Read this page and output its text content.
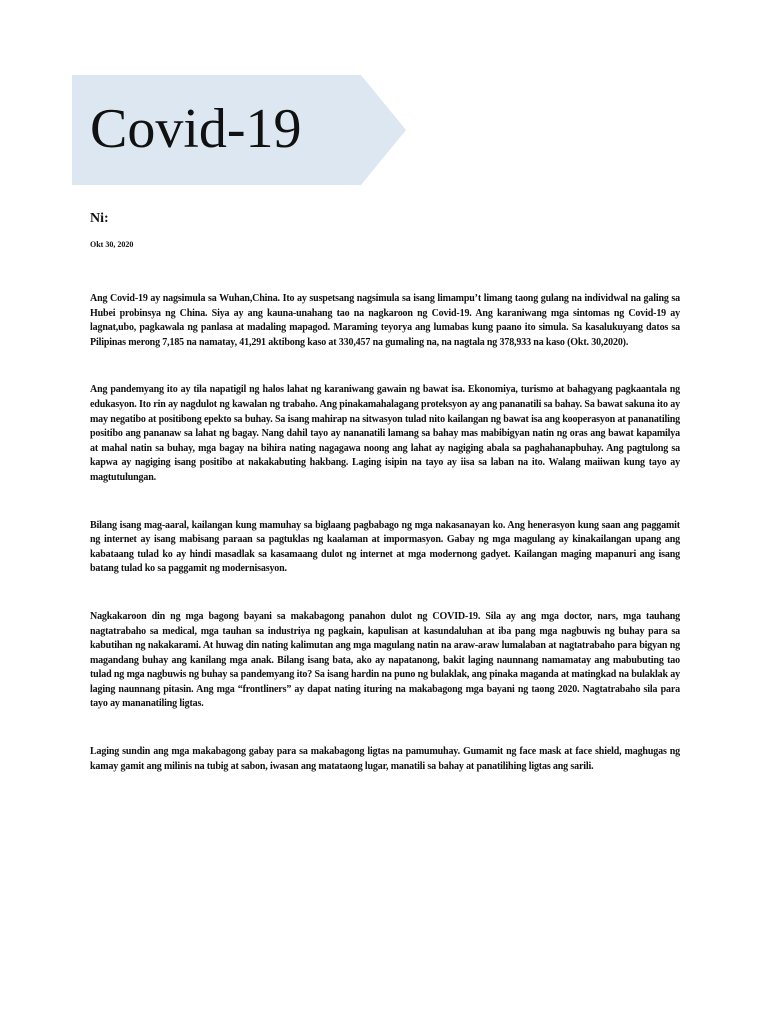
Covid-19
Ni:
Okt 30, 2020

Ang Covid-19 ay nagsimula sa Wuhan,China. Ito ay suspetsang nagsimula sa isang limampu’t limang taong gulang na individwal na galing sa Hubei probinsya ng China. Siya ay ang kauna-unahang tao na nagkaroon ng Covid-19. Ang karaniwang mga sintomas ng Covid-19 ay lagnat,ubo, pagkawala ng panlasa at madaling mapagod. Maraming teyorya ang lumabas kung paano ito simula. Sa kasalukuyang datos sa Pilipinas merong 7,185 na namatay, 41,291 aktibong kaso at 330,457 na gumaling na, na nagtala ng 378,933 na kaso (Okt. 30,2020).

Ang pandemyang ito ay tila napatigil ng halos lahat ng karaniwang gawain ng bawat isa. Ekonomiya, turismo at bahagyang pagkaantala ng edukasyon. Ito rin ay nagdulot ng kawalan ng trabaho. Ang pinakamahalagang proteksyon ay ang pananatili sa bahay. Sa bawat sakuna ito ay may negatibo at positibong epekto sa buhay. Sa isang mahirap na sitwasyon tulad nito kailangan ng bawat isa ang kooperasyon at pananatiling positibo ang pananaw sa lahat ng bagay. Nang dahil tayo ay nananatili lamang sa bahay mas mabibigyan natin ng oras ang bawat kapamilya at mahal natin sa buhay, mga bagay na bihira nating nagagawa noong ang lahat ay nagiging abala sa paghahanapbuhay. Ang pagtulong sa kapwa ay nagiging isang positibo at nakakabuting hakbang. Laging isipin na tayo ay iisa sa laban na ito. Walang maiiwan kung tayo ay magtutulungan.

Bilang isang mag-aaral, kailangan kung mamuhay sa biglaang pagbabago ng mga nakasanayan ko. Ang henerasyon kung saan ang paggamit ng internet ay isang mabisang paraan sa pagtuklas ng kaalaman at impormasyon. Gabay ng mga magulang ay kinakailangan upang ang kabataang tulad ko ay hindi masadlak sa kasamaang dulot ng internet at mga modernong gadyet. Kailangan maging mapanuri ang isang batang tulad ko sa paggamit ng modernisasyon.

Nagkakaroon din ng mga bagong bayani sa makabagong panahon dulot ng COVID-19. Sila ay ang mga doctor, nars, mga tauhang nagtatrabaho sa medical, mga tauhan sa industriya ng pagkain, kapulisan at kasundaluhan at iba pang mga nagbuwis ng buhay para sa kabutihan ng nakakarami. At huwag din nating kalimutan ang mga magulang natin na araw-araw lumalaban at nagtatrabaho para bigyan ng magandang buhay ang kanilang mga anak. Bilang isang bata, ako ay napatanong, bakit laging naunnang namamatay ang mabubuting tao tulad ng mga nagbuwis ng buhay sa pandemyang ito? Sa isang hardin na puno ng bulaklak, ang pinaka maganda at matingkad na bulaklak ay laging naunnang pitasin. Ang mga “frontliners” ay dapat nating ituring na makabagong mga bayani ng taong 2020. Nagtatrabaho sila para tayo ay mananatiling ligtas.

Laging sundin ang mga makabagong gabay para sa makabagong ligtas na pamumuhay. Gumamit ng face mask at face shield, maghugas ng kamay gamit ang milinis na tubig at sabon, iwasan ang matataong lugar, manatili sa bahay at panatilihing ligtas ang sarili.
